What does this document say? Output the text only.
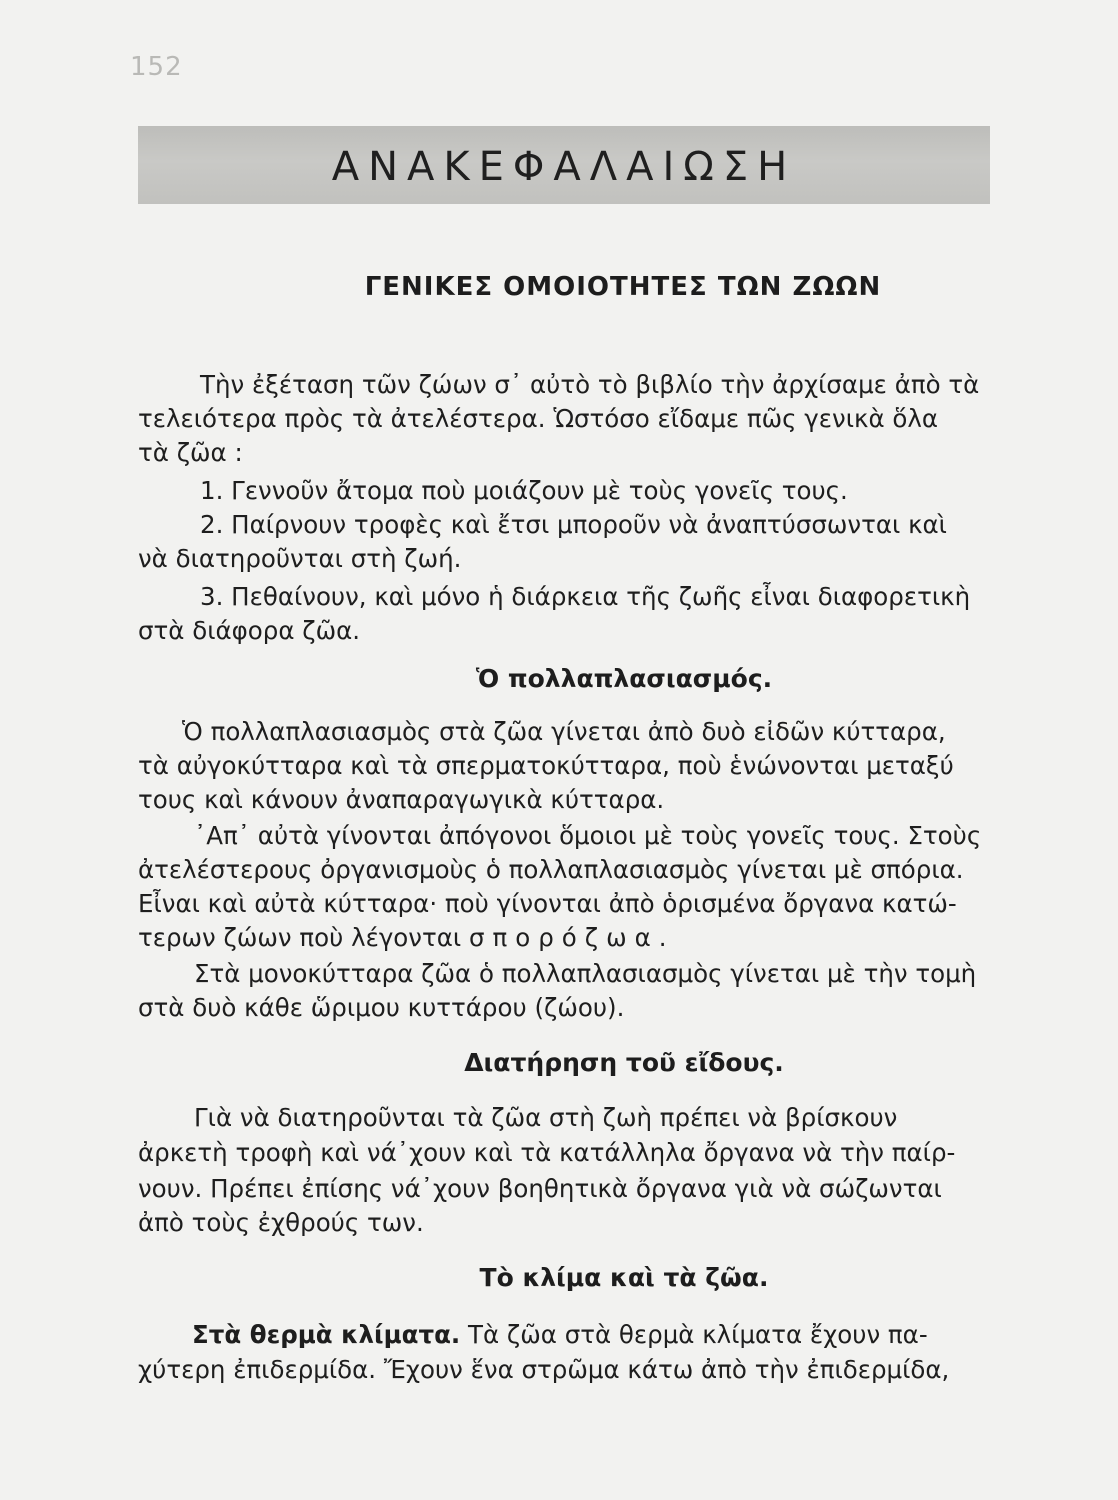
152
ΑΝΑΚΕΦΑΛΑΙΩΣΗ
ΓΕΝΙΚΕΣ ΟΜΟΙΟΤΗΤΕΣ ΤΩΝ ΖΩΩΝ

Τὴν ἐξέταση τῶν ζώων σ᾿ αὐτὸ τὸ βιβλίο τὴν ἀρχίσαμε ἀπὸ τὰ

τελειότερα πρὸς τὰ ἀτελέστερα. Ὡστόσο εἴδαμε πῶς γενικὰ ὅλα

τὰ ζῶα :

1. Γεννοῦν ἄτομα ποὺ μοιάζουν μὲ τοὺς γονεῖς τους.

2. Παίρνουν τροφὲς καὶ ἔτσι μποροῦν νὰ ἀναπτύσσωνται καὶ

νὰ διατηροῦνται στὴ ζωή.

3. Πεθαίνουν, καὶ μόνο ἡ διάρκεια τῆς ζωῆς εἶναι διαφορετικὴ

στὰ διάφορα ζῶα.

Ὁ πολλαπλασιασμός.

Ὁ πολλαπλασιασμὸς στὰ ζῶα γίνεται ἀπὸ δυὸ εἰδῶν κύτταρα,

τὰ αὐγοκύτταρα καὶ τὰ σπερματοκύτταρα, ποὺ ἑνώνονται μεταξύ

τους καὶ κάνουν ἀναπαραγωγικὰ κύτταρα.

᾿Απ᾿ αὐτὰ γίνονται ἀπόγονοι ὅμοιοι μὲ τοὺς γονεῖς τους. Στοὺς

ἀτελέστερους ὀργανισμοὺς ὁ πολλαπλασιασμὸς γίνεται μὲ σπόρια.

Εἶναι καὶ αὐτὰ κύτταρα· ποὺ γίνονται ἀπὸ ὁρισμένα ὄργανα κατώ-

τερων ζώων ποὺ λέγονται σπορόζωα.

Στὰ μονοκύτταρα ζῶα ὁ πολλαπλασιασμὸς γίνεται μὲ τὴν τομὴ

στὰ δυὸ κάθε ὥριμου κυττάρου (ζώου).

Διατήρηση τοῦ εἴδους.

Γιὰ νὰ διατηροῦνται τὰ ζῶα στὴ ζωὴ πρέπει νὰ βρίσκουν

ἀρκετὴ τροφὴ καὶ νά᾿χουν καὶ τὰ κατάλληλα ὄργανα νὰ τὴν παίρ-

νουν. Πρέπει ἐπίσης νά᾿χουν βοηθητικὰ ὄργανα γιὰ νὰ σώζωνται

ἀπὸ τοὺς ἐχθρούς των.

Τὸ κλίμα καὶ τὰ ζῶα.

Στὰ θερμὰ κλίματα. Τὰ ζῶα στὰ θερμὰ κλίματα ἔχουν πα-

χύτερη ἐπιδερμίδα. Ἔχουν ἕνα στρῶμα κάτω ἀπὸ τὴν ἐπιδερμίδα,
